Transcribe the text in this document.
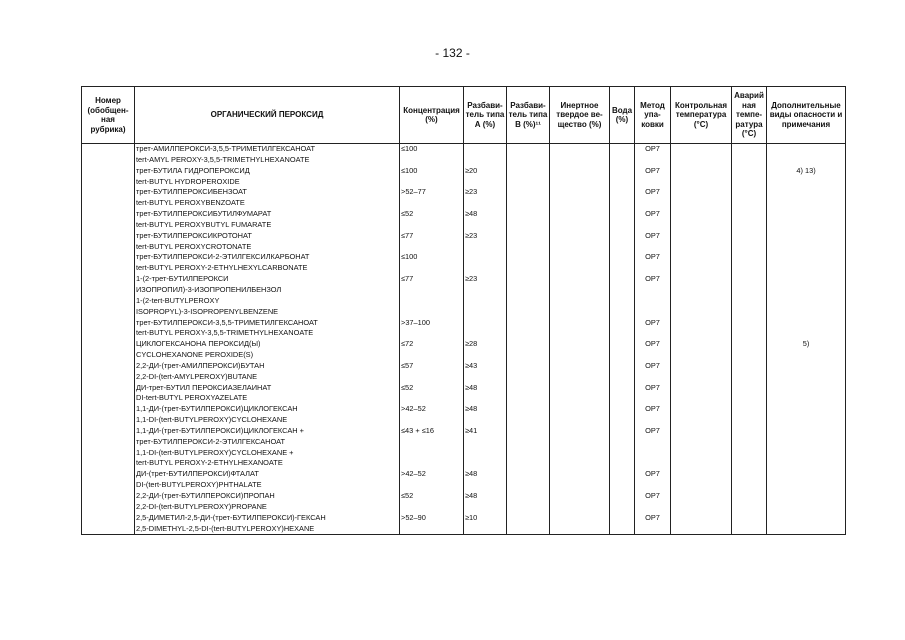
- 132 -
Номер (обобщен-ная рубрика)	ОРГАНИЧЕСКИЙ ПЕРОКСИД	Концентрация (%)	Разбави-тель типа А (%)	Разбави-тель типа В (%)¹¹	Инертное твердое ве-щество (%)	Вода (%)	Метод упа-ковки	Контрольная температура (°C)	Аварий ная темпе-ратура (°C)	Дополнительные виды опасности и примечания

	трет-АМИЛПЕРОКСИ-3,5,5-ТРИМЕТИЛГЕКСАНОАТ
tert-AMYL PEROXY-3,5,5-TRIMETHYLHEXANOATE	≤100					OP7			

	трет-БУТИЛА ГИДРОПЕРОКСИД
tert-BUTYL HYDROPEROXIDE	≤100	≥20				OP7			4) 13)

	трет-БУТИЛПЕРОКСИБЕНЗОАТ
tert-BUTYL PEROXYBENZOATE	>52–77	≥23				OP7			

	трет-БУТИЛПЕРОКСИБУТИЛФУМАРАТ
tert-BUTYL PEROXYBUTYL FUMARATE	≤52	≥48				OP7			

	трет-БУТИЛПЕРОКСИКРОТОНАТ
tert-BUTYL PEROXYCROTONATE	≤77	≥23				OP7			

	трет-БУТИЛПЕРОКСИ-2-ЭТИЛГЕКСИЛКАРБОНАТ
tert-BUTYL PEROXY-2-ETHYLHEXYLCARBONATE	≤100					OP7			

	1-(2-трет-БУТИЛПЕРОКСИ
ИЗОПРОПИЛ)-3-ИЗОПРОПЕНИЛБЕНЗОЛ
1-(2-tert-BUTYLPEROXY
ISOPROPYL)-3-ISOPROPENYLBENZENE	≤77	≥23				OP7			

	трет-БУТИЛПЕРОКСИ-3,5,5-ТРИМЕТИЛГЕКСАНОАТ
tert-BUTYL PEROXY-3,5,5-TRIMETHYLHEXANOATE	>37–100					OP7			

	ЦИКЛОГЕКСАНОНА ПЕРОКСИД(Ы)
CYCLOHEXANONE PEROXIDE(S)	≤72	≥28				OP7			5)

	2,2-ДИ-(трет-АМИЛПЕРОКСИ)БУТАН
2,2-DI-(tert-AMYLPEROXY)BUTANE	≤57	≥43				OP7			

	ДИ-трет-БУТИЛ ПЕРОКСИАЗЕЛАИНАТ
DI-tert-BUTYL PEROXYAZELATE	≤52	≥48				OP7			

	1,1-ДИ-(трет-БУТИЛПЕРОКСИ)ЦИКЛОГЕКСАН
1,1-DI-(tert-BUTYLPEROXY)CYCLOHEXANE	>42–52	≥48				OP7			

	1,1-ДИ-(трет-БУТИЛПЕРОКСИ)ЦИКЛОГЕКСАН +
трет-БУТИЛПЕРОКСИ-2-ЭТИЛГЕКСАНОАТ
1,1-DI-(tert-BUTYLPEROXY)CYCLOHEXANE +
tert-BUTYL PEROXY-2-ETHYLHEXANOATE	≤43 + ≤16	≥41				OP7			

	ДИ-(трет-БУТИЛПЕРОКСИ)ФТАЛАТ
DI-(tert-BUTYLPEROXY)PHTHALATE	>42–52	≥48				OP7			

	2,2-ДИ-(трет-БУТИЛПЕРОКСИ)ПРОПАН
2,2-DI-(tert-BUTYLPEROXY)PROPANE	≤52	≥48				OP7			

	2,5-ДИМЕТИЛ-2,5-ДИ-(трет-БУТИЛПЕРОКСИ)-ГЕКСАН
2,5-DIMETHYL-2,5-DI-(tert-BUTYLPEROXY)HEXANE	>52–90	≥10				OP7			
